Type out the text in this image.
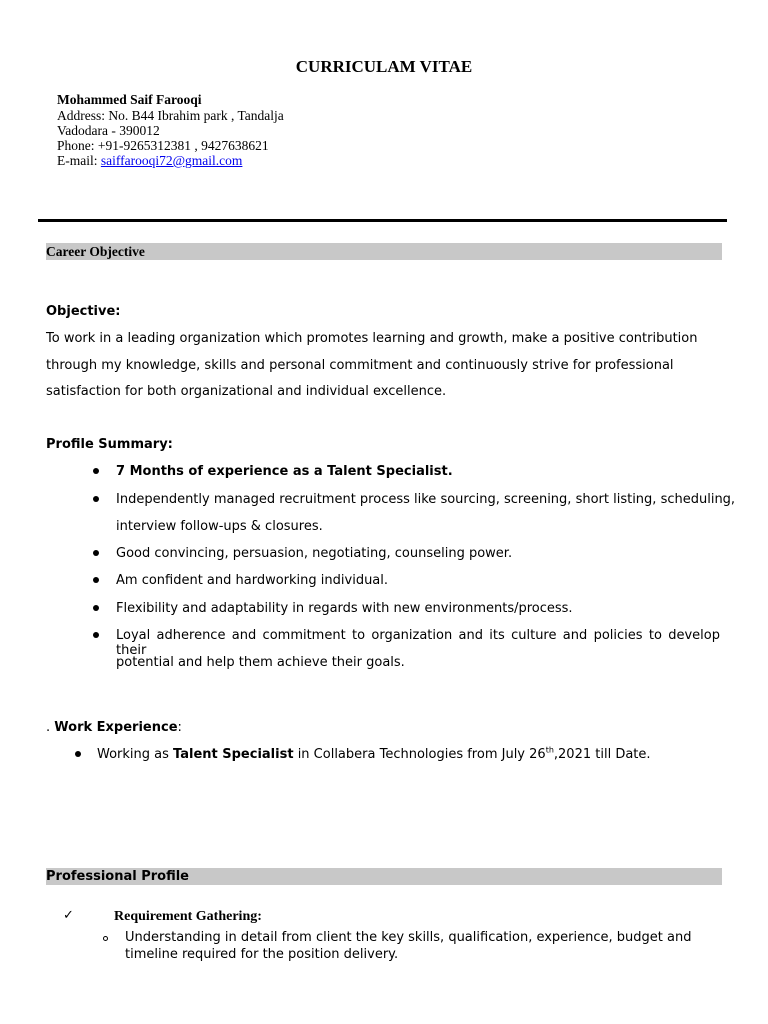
CURRICULAM VITAE
Mohammed Saif Farooqi
Address: No. B44 Ibrahim park , Tandalja
Vadodara - 390012
Phone: +91-9265312381 , 9427638621
E-mail: saiffarooqi72@gmail.com
Career Objective
Objective:
To work in a leading organization which promotes learning and growth, make a positive contribution
through my knowledge, skills and personal commitment and continuously strive for professional
satisfaction for both organizational and individual excellence.
Profile Summary:
7 Months of experience as a Talent Specialist.
Independently managed recruitment process like sourcing, screening, short listing, scheduling,
interview follow-ups & closures.
Good convincing, persuasion, negotiating, counseling power.
Am confident and hardworking individual.
Flexibility and adaptability in regards with new environments/process.
Loyal adherence and commitment to organization and its culture and policies to develop their
potential and help them achieve their goals.
. Work Experience:
Working as Talent Specialist in Collabera Technologies from July 26th,2021 till Date.
Professional Profile
✓	Requirement Gathering:
Understanding in detail from client the key skills, qualification, experience, budget and
timeline required for the position delivery.
